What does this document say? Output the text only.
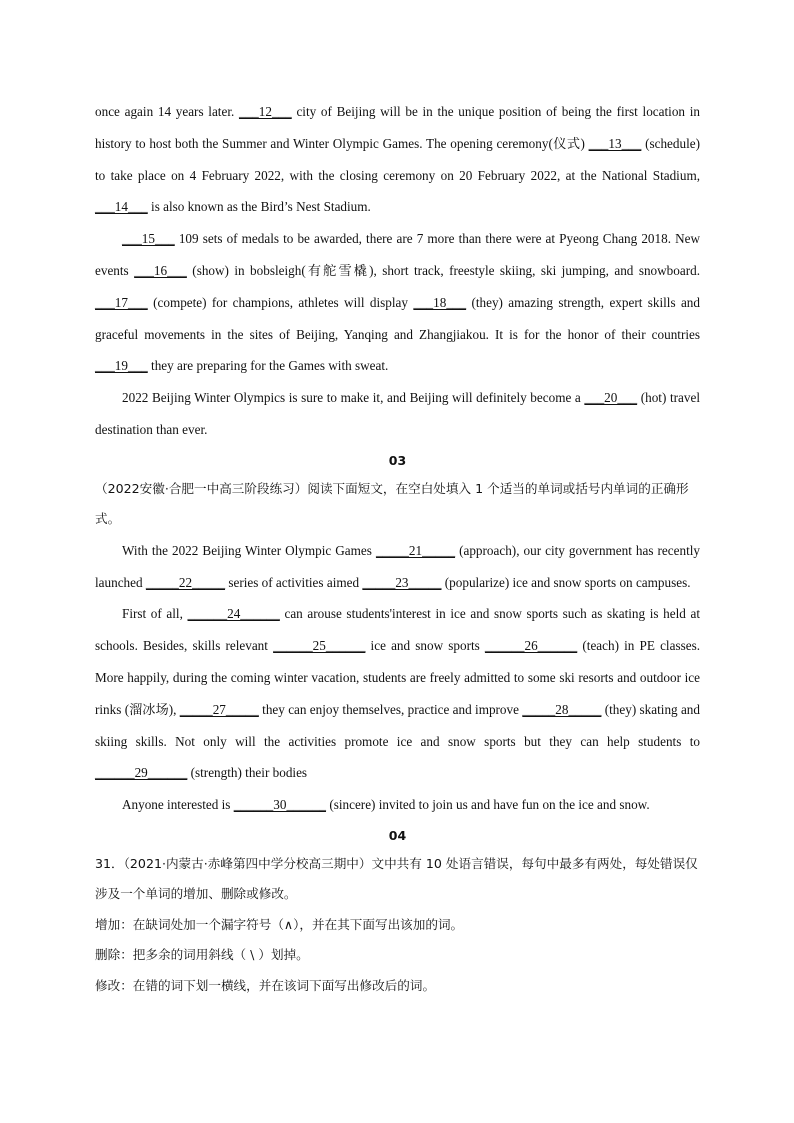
once again 14 years later. ___12___ city of Beijing will be in the unique position of being the first location in history to host both the Summer and Winter Olympic Games. The opening ceremony(仪式) ___13___ (schedule) to take place on 4 February 2022, with the closing ceremony on 20 February 2022, at the National Stadium, ___14___ is also known as the Bird’s Nest Stadium.

___15___ 109 sets of medals to be awarded, there are 7 more than there were at Pyeong Chang 2018. New events ___16___ (show) in bobsleigh(有舵雪橇), short track, freestyle skiing, ski jumping, and snowboard. ___17___ (compete) for champions, athletes will display ___18___ (they) amazing strength, expert skills and graceful movements in the sites of Beijing, Yanqing and Zhangjiakou. It is for the honor of their countries ___19___ they are preparing for the Games with sweat.

2022 Beijing Winter Olympics is sure to make it, and Beijing will definitely become a ___20___ (hot) travel destination than ever.

03

（2022安徽·合肥一中高三阶段练习）阅读下面短文，在空白处填入 1 个适当的单词或括号内单词的正确形式。

With the 2022 Beijing Winter Olympic Games _____21_____ (approach), our city government has recently launched _____22_____ series of activities aimed _____23_____ (popularize) ice and snow sports on campuses.

First of all, ______24______ can arouse students'interest in ice and snow sports such as skating is held at schools. Besides, skills relevant ______25______ ice and snow sports ______26______ (teach) in PE classes. More happily, during the coming winter vacation, students are freely admitted to some ski resorts and outdoor ice rinks (溜冰场), _____27_____ they can enjoy themselves, practice and improve _____28_____ (they) skating and skiing skills. Not only will the activities promote ice and snow sports but they can help students to ______29______ (strength) their bodies

Anyone interested is ______30______ (sincere) invited to join us and have fun on the ice and snow.

04

31．（2021·内蒙古·赤峰第四中学分校高三期中）文中共有 10 处语言错误，每句中最多有两处，每处错误仅涉及一个单词的增加、删除或修改。

增加：在缺词处加一个漏字符号（∧），并在其下面写出该加的词。

删除：把多余的词用斜线（ \ ）划掉。

修改：在错的词下划一横线，并在该词下面写出修改后的词。
